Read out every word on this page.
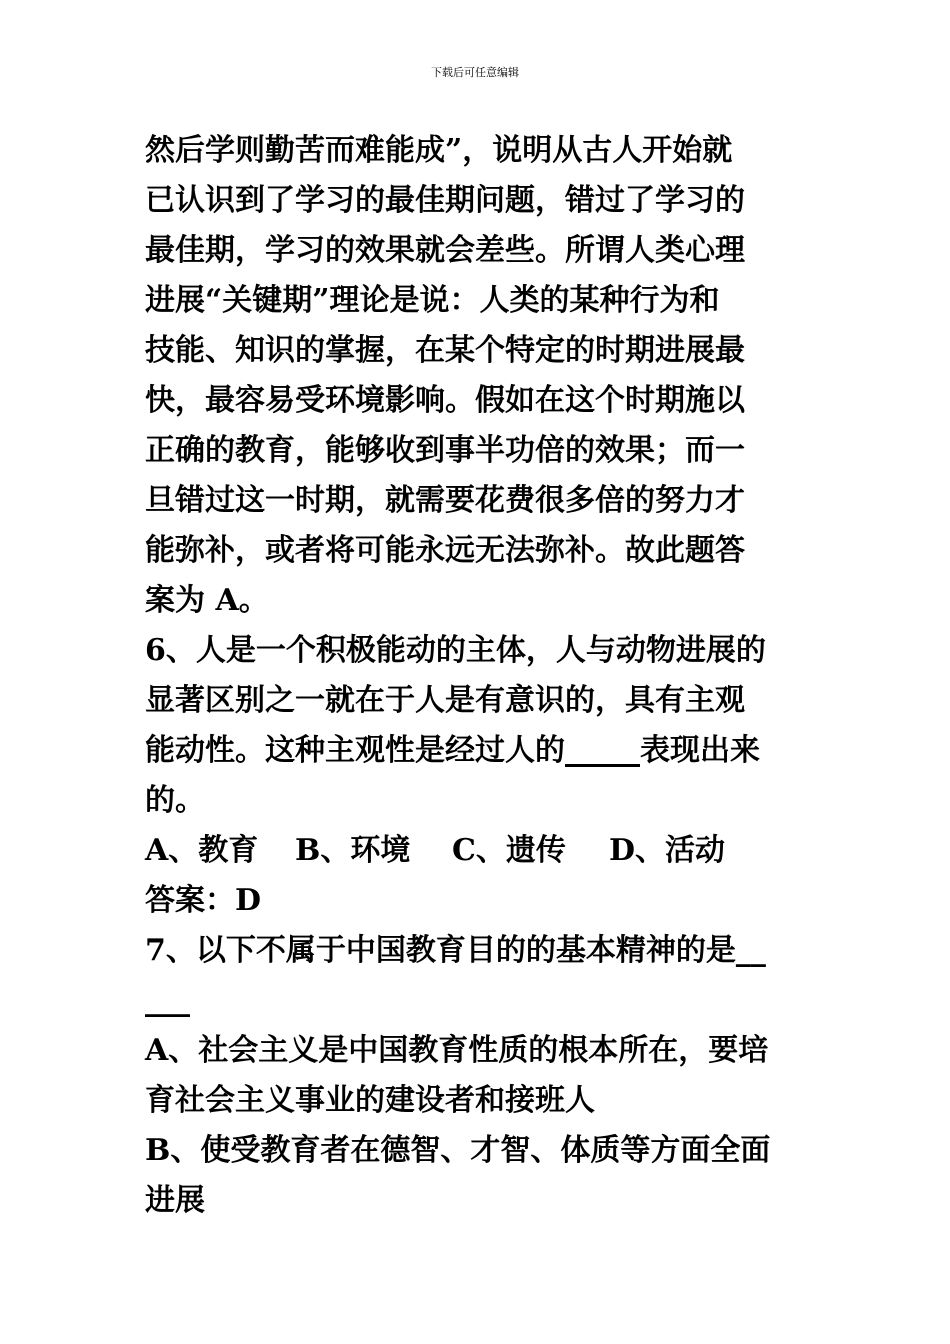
下载后可任意编辑
然后学则勤苦而难能成”，说明从古人开始就
已认识到了学习的最佳期问题，错过了学习的
最佳期，学习的效果就会差些。所谓人类心理
进展“关键期”理论是说：人类的某种行为和
技能、知识的掌握，在某个特定的时期进展最
快，最容易受环境影响。假如在这个时期施以
正确的教育，能够收到事半功倍的效果；而一
旦错过这一时期，就需要花费很多倍的努力才
能弥补，或者将可能永远无法弥补。故此题答
案为 A。
6、人是一个积极能动的主体，人与动物进展的
显著区别之一就在于人是有意识的，具有主观
能动性。这种主观性是经过人的_____表现出来
的。
A、教育 B、环境 C、遗传 D、活动
答案：D
7、以下不属于中国教育目的的基本精神的是__
___
A、社会主义是中国教育性质的根本所在，要培
育社会主义事业的建设者和接班人
B、使受教育者在德智、才智、体质等方面全面
进展
